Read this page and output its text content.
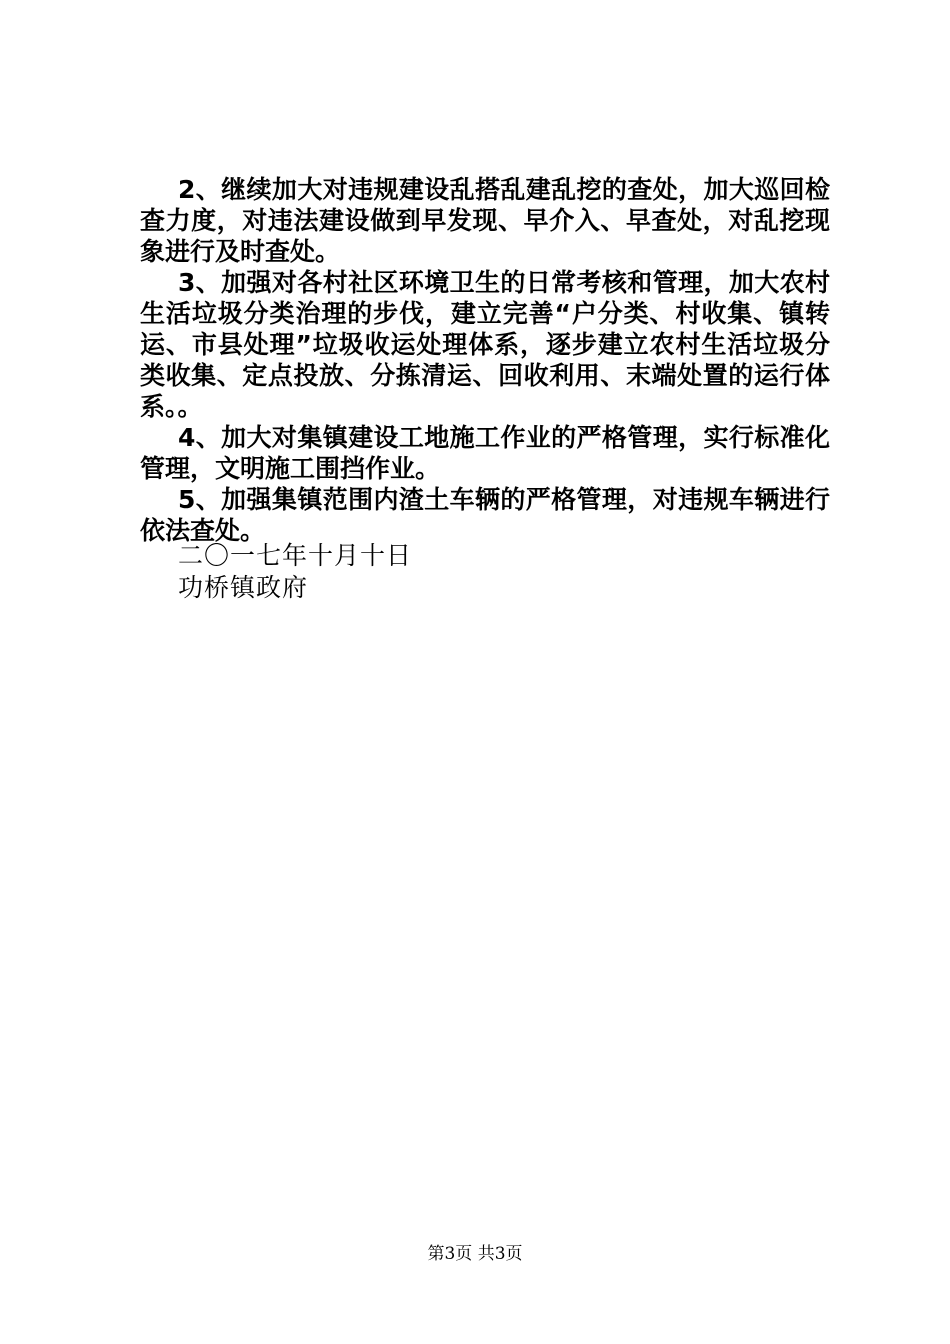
2、继续加大对违规建设乱搭乱建乱挖的查处，加大巡回检查力度，对违法建设做到早发现、早介入、早查处，对乱挖现象进行及时查处。

3、加强对各村社区环境卫生的日常考核和管理，加大农村生活垃圾分类治理的步伐，建立完善“户分类、村收集、镇转运、市县处理”垃圾收运处理体系，逐步建立农村生活垃圾分类收集、定点投放、分拣清运、回收利用、末端处置的运行体系。。

4、加大对集镇建设工地施工作业的严格管理，实行标准化管理，文明施工围挡作业。

5、加强集镇范围内渣土车辆的严格管理，对违规车辆进行依法查处。

二〇一七年十月十日
功桥镇政府
第3页 共3页
